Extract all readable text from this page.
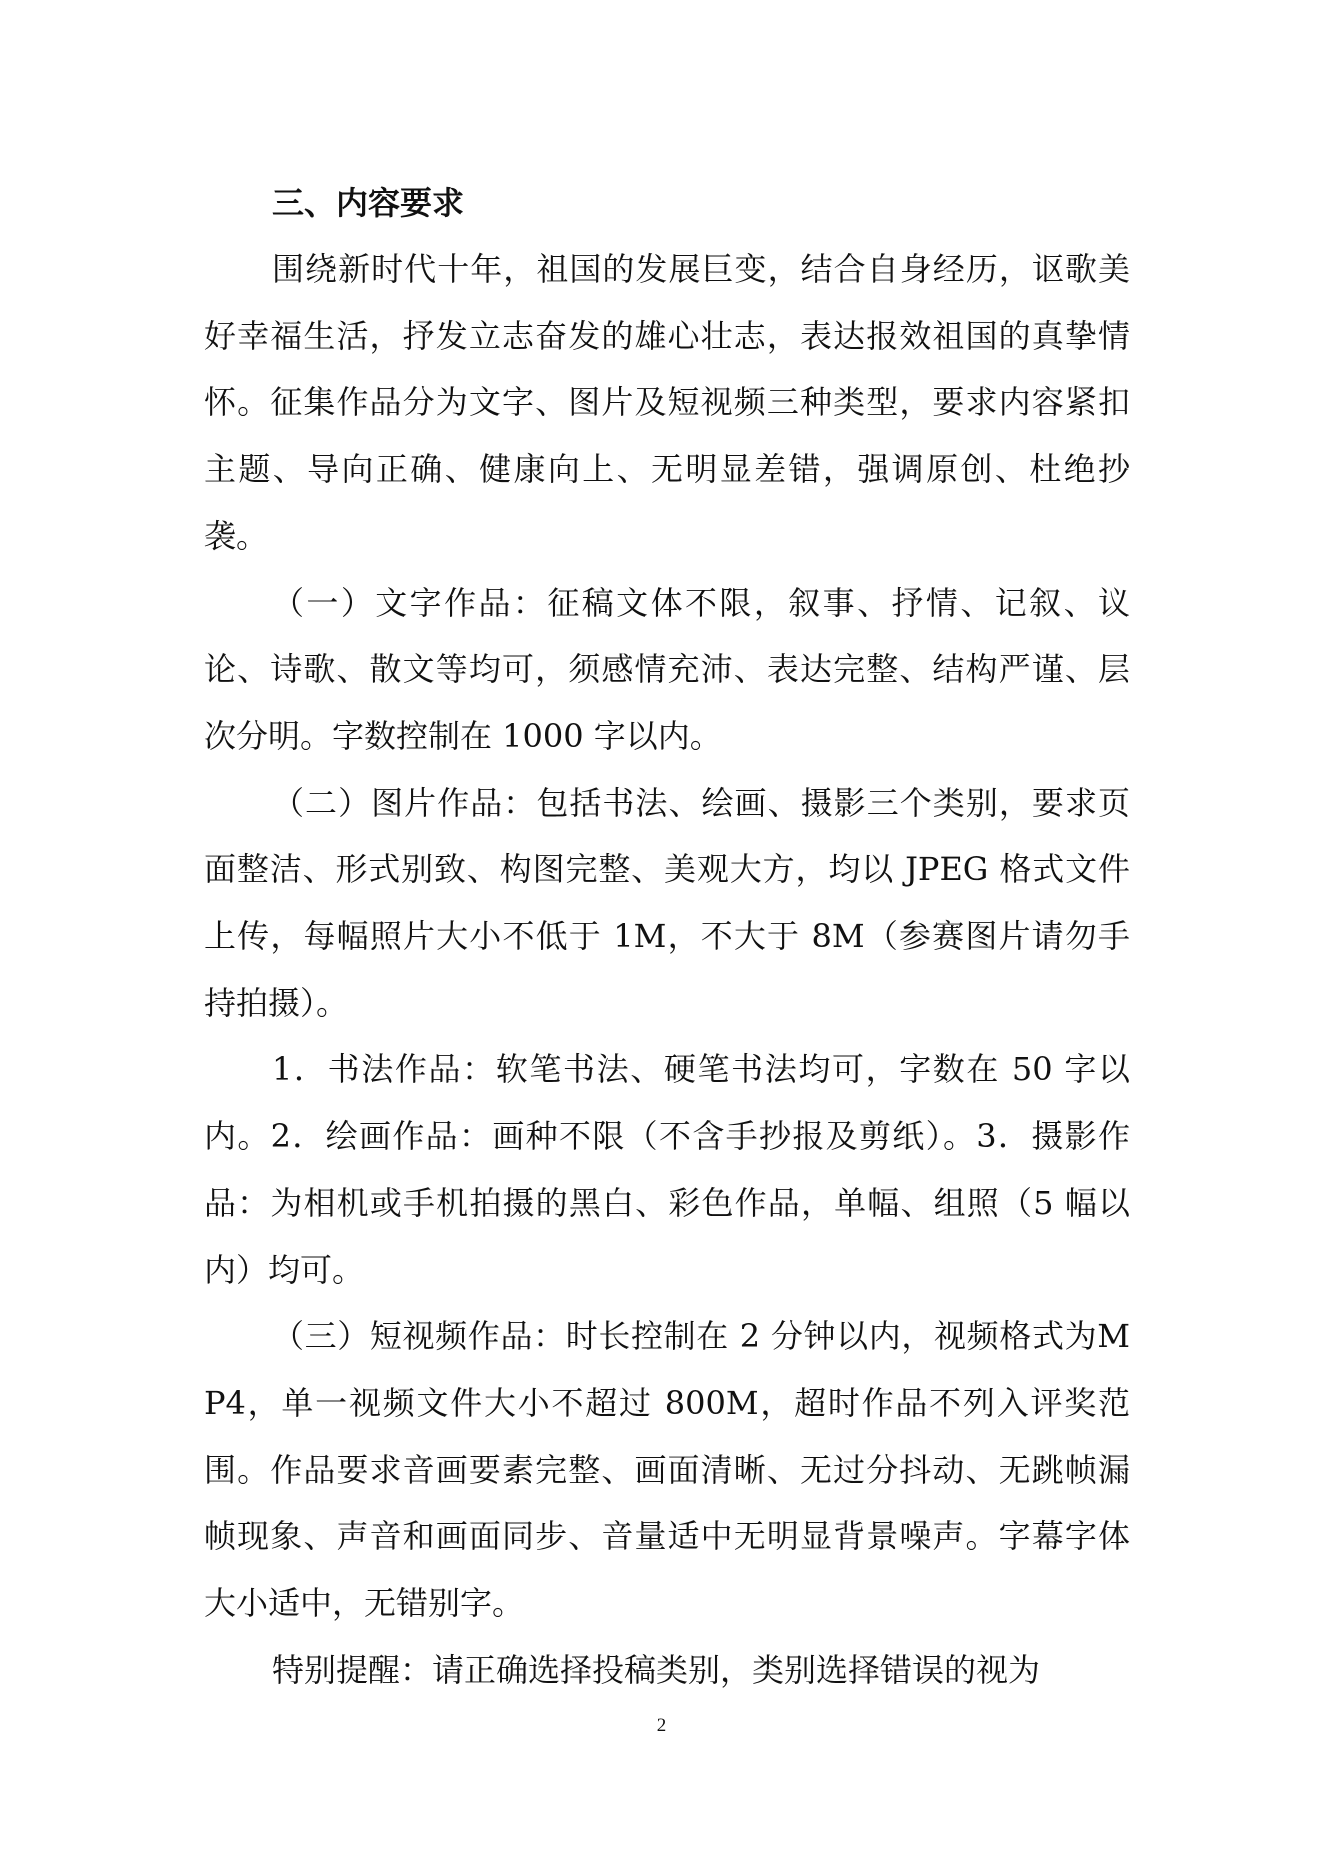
三、内容要求

围绕新时代十年，祖国的发展巨变，结合自身经历，讴歌美好幸福生活，抒发立志奋发的雄心壮志，表达报效祖国的真挚情怀。征集作品分为文字、图片及短视频三种类型，要求内容紧扣主题、导向正确、健康向上、无明显差错，强调原创、杜绝抄袭。

（一）文字作品：征稿文体不限，叙事、抒情、记叙、议论、诗歌、散文等均可，须感情充沛、表达完整、结构严谨、层次分明。字数控制在 1000 字以内。

（二）图片作品：包括书法、绘画、摄影三个类别，要求页面整洁、形式别致、构图完整、美观大方，均以 JPEG 格式文件上传，每幅照片大小不低于 1M，不大于 8M（参赛图片请勿手持拍摄）。

1．书法作品：软笔书法、硬笔书法均可，字数在 50 字以内。2．绘画作品：画种不限（不含手抄报及剪纸）。3．摄影作品：为相机或手机拍摄的黑白、彩色作品，单幅、组照（5 幅以内）均可。

（三）短视频作品：时长控制在 2 分钟以内，视频格式为MP4，单一视频文件大小不超过 800M，超时作品不列入评奖范围。作品要求音画要素完整、画面清晰、无过分抖动、无跳帧漏帧现象、声音和画面同步、音量适中无明显背景噪声。字幕字体大小适中，无错别字。

特别提醒：请正确选择投稿类别，类别选择错误的视为

2
